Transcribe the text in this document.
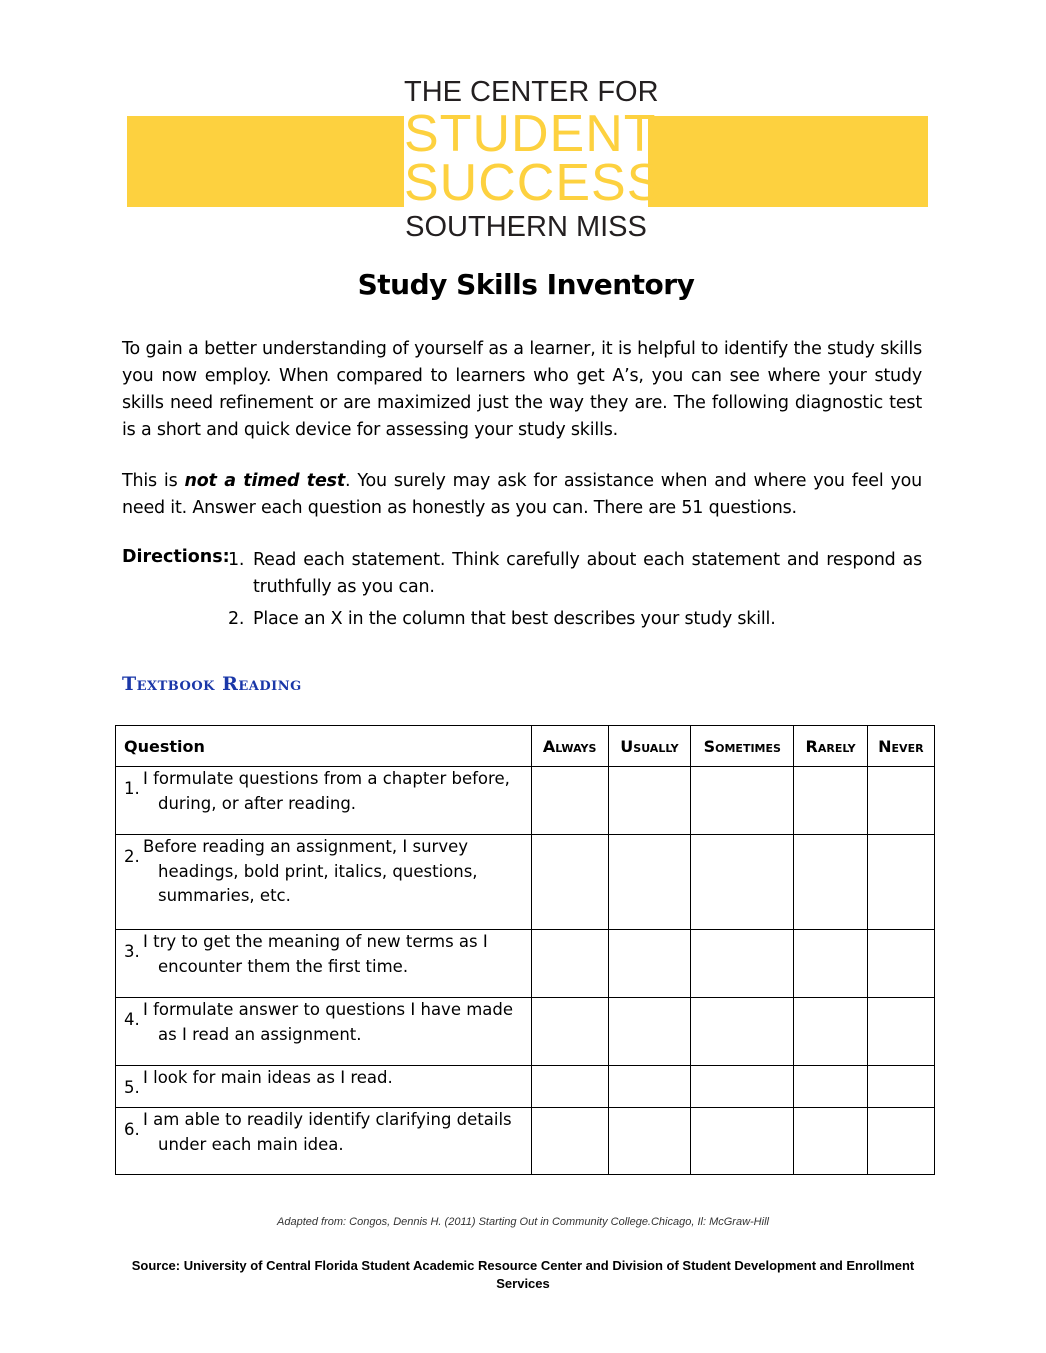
THE CENTER FOR
STUDENT
SUCCESS
SOUTHERN MISS
Study Skills Inventory
To gain a better understanding of yourself as a learner, it is helpful to identify the study skills you now employ. When compared to learners who get A’s, you can see where your study skills need refinement or are maximized just the way they are. The following diagnostic test is a short and quick device for assessing your study skills.
This is not a timed test. You surely may ask for assistance when and where you feel you need it. Answer each question as honestly as you can. There are 51 questions.
Directions:
1. Read each statement. Think carefully about each statement and respond as truthfully as you can.
2. Place an X in the column that best describes your study skill.
Textbook Reading
Question	Always	Usually	Sometimes	Rarely	Never

1.
I formulate questions from a chapter before, during, or after reading.					

2.
Before reading an assignment, I survey headings, bold print, italics, questions, summaries, etc.					

3.
I try to get the meaning of new terms as I encounter them the first time.					

4.
I formulate answer to questions I have made as I read an assignment.					

5.
I look for main ideas as I read.					

6.
I am able to readily identify clarifying details under each main idea.					

Adapted from: Congos, Dennis H. (2011) Starting Out in Community College.Chicago, Il: McGraw-Hill
Source: University of Central Florida Student Academic Resource Center and Division of Student Development and Enrollment Services
